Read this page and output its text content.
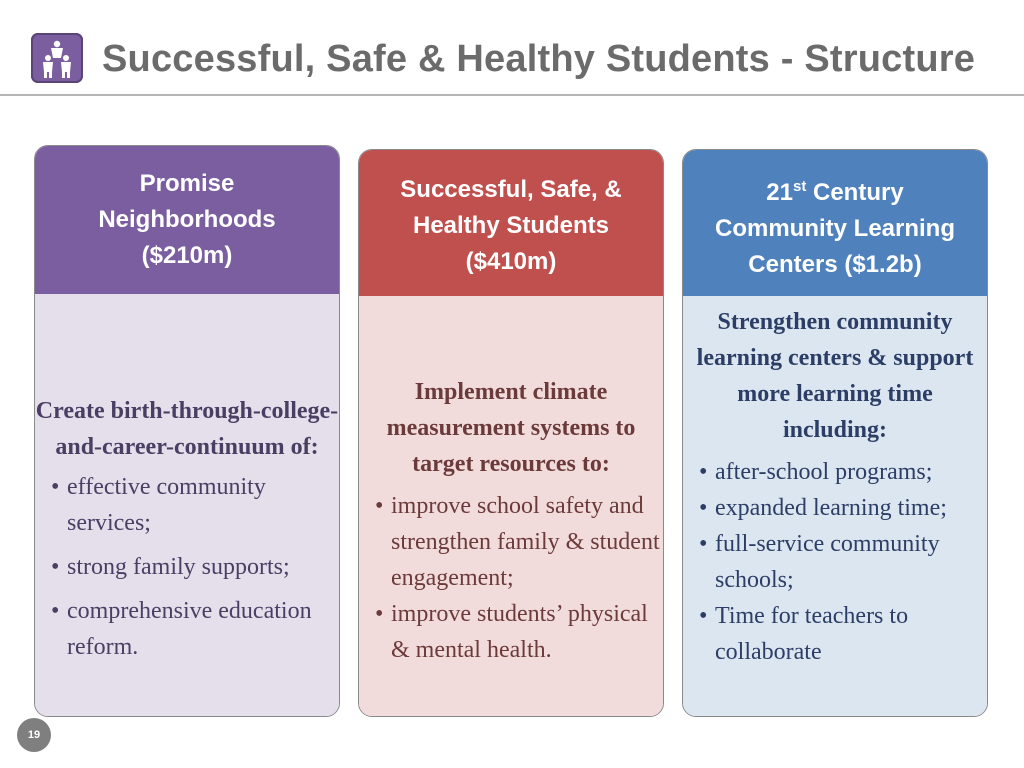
Successful, Safe & Healthy Students - Structure
Promise
Neighborhoods
($210m)

Create birth-through-college-and-career-continuum of:

• effective community services;
• strong family supports;
• comprehensive education reform.
Successful, Safe, &
Healthy Students
($410m)

Implement climate measurement systems to target resources to:

• improve school safety and strengthen family & student engagement;
• improve students’ physical & mental health.
21st Century
Community Learning
Centers ($1.2b)

Strengthen community learning centers & support more learning time including:

• after-school programs;
• expanded learning time;
• full-service community schools;
• Time for teachers to collaborate
19
